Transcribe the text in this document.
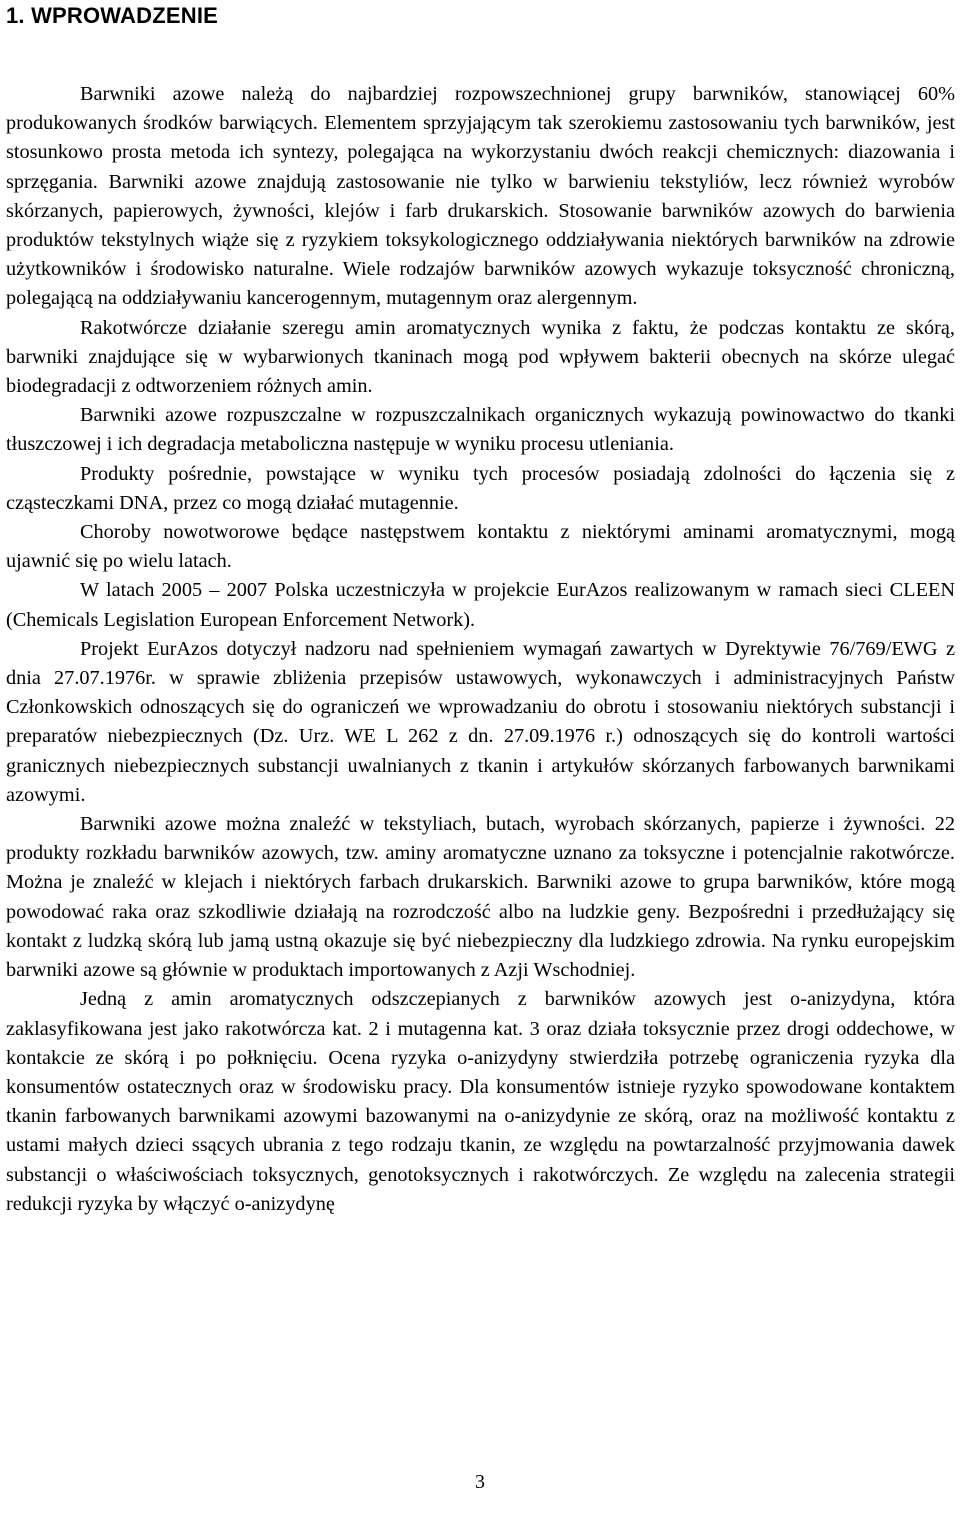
1. WPROWADZENIE

Barwniki azowe należą do najbardziej rozpowszechnionej grupy barwników, stanowiącej 60% produkowanych środków barwiących. Elementem sprzyjającym tak szerokiemu zastosowaniu tych barwników, jest stosunkowo prosta metoda ich syntezy, polegająca na wykorzystaniu dwóch reakcji chemicznych: diazowania i sprzęgania. Barwniki azowe znajdują zastosowanie nie tylko w barwieniu tekstyliów, lecz również wyrobów skórzanych, papierowych, żywności, klejów i farb drukarskich. Stosowanie barwników azowych do barwienia produktów tekstylnych wiąże się z ryzykiem toksykologicznego oddziaływania niektórych barwników na zdrowie użytkowników i środowisko naturalne. Wiele rodzajów barwników azowych wykazuje toksyczność chroniczną, polegającą na oddziaływaniu kancerogennym, mutagennym oraz alergennym.

Rakotwórcze działanie szeregu amin aromatycznych wynika z faktu, że podczas kontaktu ze skórą, barwniki znajdujące się w wybarwionych tkaninach mogą pod wpływem bakterii obecnych na skórze ulegać biodegradacji z odtworzeniem różnych amin.

Barwniki azowe rozpuszczalne w rozpuszczalnikach organicznych wykazują powinowactwo do tkanki tłuszczowej i ich degradacja metaboliczna następuje w wyniku procesu utleniania.

Produkty pośrednie, powstające w wyniku tych procesów posiadają zdolności do łączenia się z cząsteczkami DNA, przez co mogą działać mutagennie.

Choroby nowotworowe będące następstwem kontaktu z niektórymi aminami aromatycznymi, mogą ujawnić się po wielu latach.

W latach 2005 – 2007 Polska uczestniczyła w projekcie EurAzos realizowanym w ramach sieci CLEEN (Chemicals Legislation European Enforcement Network).

Projekt EurAzos dotyczył nadzoru nad spełnieniem wymagań zawartych w Dyrektywie 76/769/EWG z dnia 27.07.1976r. w sprawie zbliżenia przepisów ustawowych, wykonawczych i administracyjnych Państw Członkowskich odnoszących się do ograniczeń we wprowadzaniu do obrotu i stosowaniu niektórych substancji i preparatów niebezpiecznych (Dz. Urz. WE L 262 z dn. 27.09.1976 r.) odnoszących się do kontroli wartości granicznych niebezpiecznych substancji uwalnianych z tkanin i artykułów skórzanych farbowanych barwnikami azowymi.

Barwniki azowe można znaleźć w tekstyliach, butach, wyrobach skórzanych, papierze i żywności. 22 produkty rozkładu barwników azowych, tzw. aminy aromatyczne uznano za toksyczne i potencjalnie rakotwórcze. Można je znaleźć w klejach i niektórych farbach drukarskich. Barwniki azowe to grupa barwników, które mogą powodować raka oraz szkodliwie działają na rozrodczość albo na ludzkie geny. Bezpośredni i przedłużający się kontakt z ludzką skórą lub jamą ustną okazuje się być niebezpieczny dla ludzkiego zdrowia. Na rynku europejskim barwniki azowe są głównie w produktach importowanych z Azji Wschodniej.

Jedną z amin aromatycznych odszczepianych z barwników azowych jest o-anizydyna, która zaklasyfikowana jest jako rakotwórcza kat. 2 i mutagenna kat. 3 oraz działa toksycznie przez drogi oddechowe, w kontakcie ze skórą i po połknięciu. Ocena ryzyka o-anizydyny stwierdziła potrzebę ograniczenia ryzyka dla konsumentów ostatecznych oraz w środowisku pracy. Dla konsumentów istnieje ryzyko spowodowane kontaktem tkanin farbowanych barwnikami azowymi bazowanymi na o-anizydynie ze skórą, oraz na możliwość kontaktu z ustami małych dzieci ssących ubrania z tego rodzaju tkanin, ze względu na powtarzalność przyjmowania dawek substancji o właściwościach toksycznych, genotoksycznych i rakotwórczych. Ze względu na zalecenia strategii redukcji ryzyka by włączyć o-anizydynę

3
